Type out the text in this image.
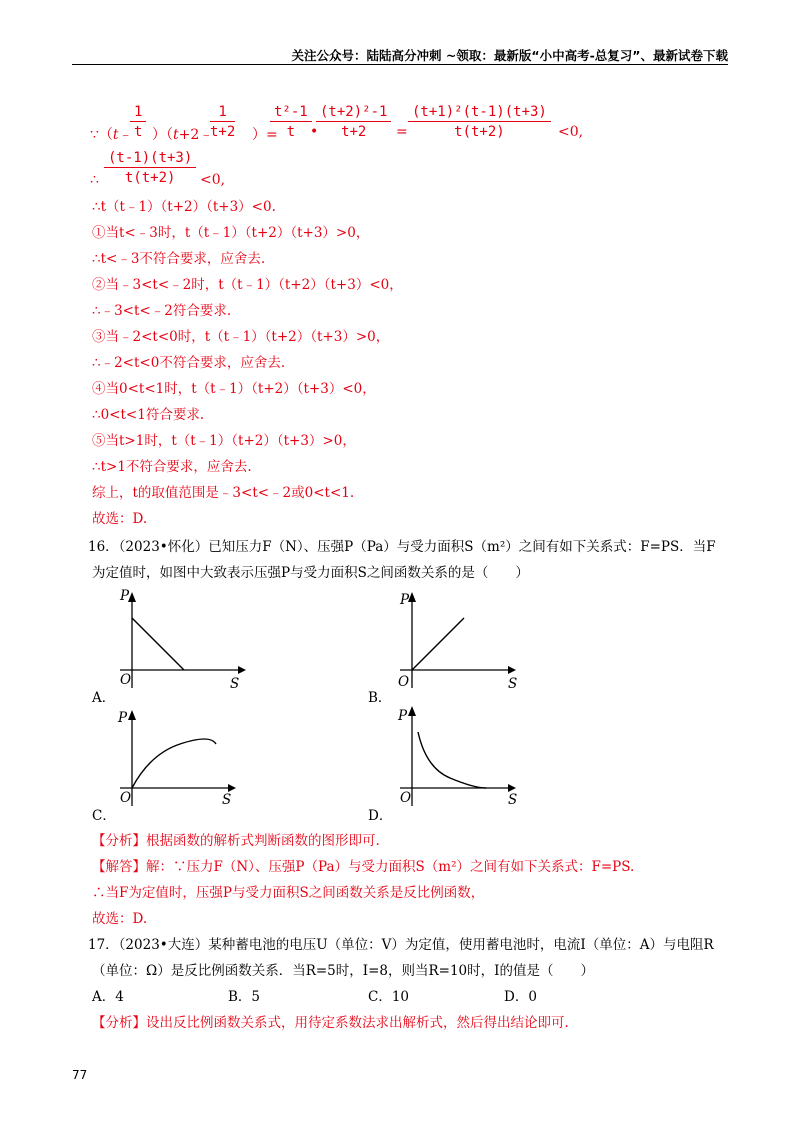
关注公众号：陆陆高分冲刺 ~领取：最新版“小中高考-总复习”、最新试卷下载
∵（t﹣
$\frac{1}{t}$ ）（t+2﹣
$\frac{1}{t+2}$ ）=
$\frac{\text{t²-1}}{t}$
•
$\frac{\text{(t+2)²-1}}{t+2} = \frac{\text{(t+1)²(t-1)(t+3)}}{t(t+2)} <0$,
∴ $\frac{(t-1)(t+3)}{t(t+2)} <0$,
∴t（t﹣1）（t+2）（t+3）<0.
①当t<﹣3时，t（t﹣1）（t+2）（t+3）>0，
∴t<﹣3不符合要求，应舍去.
②当﹣3<t<﹣2时，t（t﹣1）（t+2）（t+3）<0，
∴﹣3<t<﹣2符合要求.
③当﹣2<t<0时，t（t﹣1）（t+2）（t+3）>0，
∴﹣2<t<0不符合要求，应舍去.
④当0<t<1时，t（t﹣1）（t+2）（t+3）<0，
∴0<t<1符合要求.
⑤当t>1时，t（t﹣1）（t+2）（t+3）>0，
∴t>1不符合要求，应舍去.
综上，t的取值范围是﹣3<t<﹣2或0<t<1.
故选：D.
16．（2023•怀化）已知压力F（N）、压强P（Pa）与受力面积S（m²）之间有如下关系式：F=PS．当F
为定值时，如图中大致表示压强P与受力面积S之间函数关系的是（　　）
P
O	S
A．
P
O	S
B．
P
O	S
C．
P
O	S
D．
【分析】根据函数的解析式判断函数的图形即可.
【解答】解：∵压力F（N）、压强P（Pa）与受力面积S（m²）之间有如下关系式：F=PS.
∴当F为定值时，压强P与受力面积S之间函数关系是反比例函数，
故选：D.
17．（2023•大连）某种蓄电池的电压U（单位：V）为定值，使用蓄电池时，电流I（单位：A）与电阻R
（单位：Ω）是反比例函数关系．当R=5时，I=8，则当R=10时，I的值是（　　）
A．4	B．5	C．10	D．0
【分析】设出反比例函数关系式，用待定系数法求出解析式，然后得出结论即可.
77
